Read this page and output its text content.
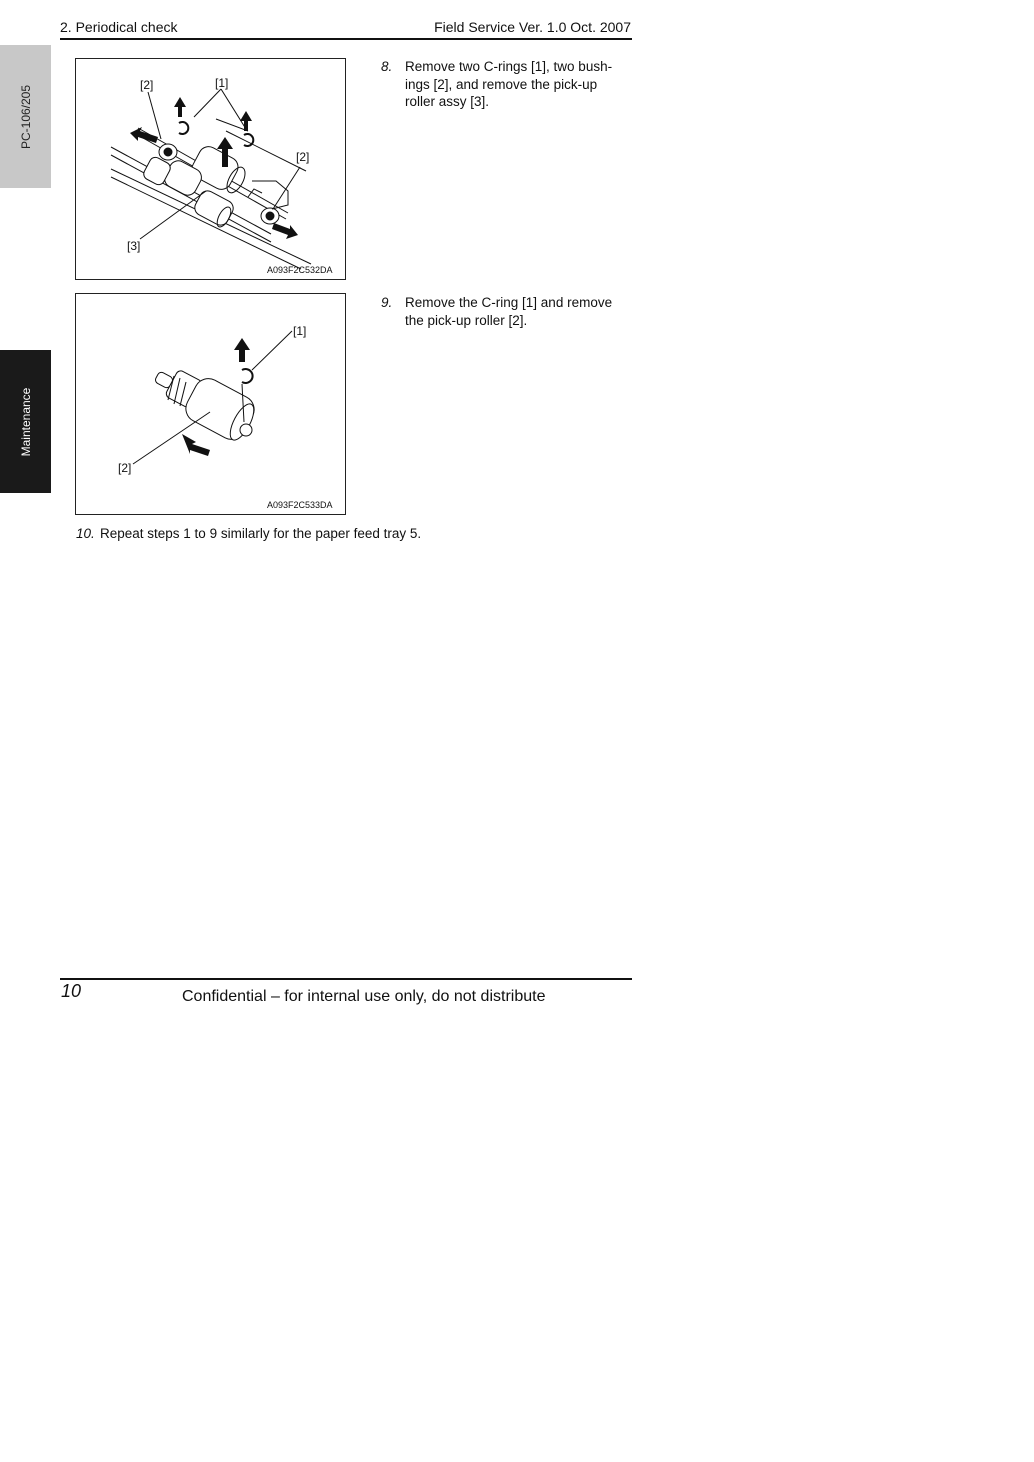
2. Periodical check	Field Service Ver. 1.0 Oct. 2007
PC-106/205
Maintenance
[2]	[1]
[2]
[3]
A093F2C532DA
8. Remove two C-rings [1], two bush-ings [2], and remove the pick-up roller assy [3].
[1]
[2]
A093F2C533DA
9. Remove the C-ring [1] and remove the pick-up roller [2].
10. Repeat steps 1 to 9 similarly for the paper feed tray 5.
10	Confidential – for internal use only, do not distribute
